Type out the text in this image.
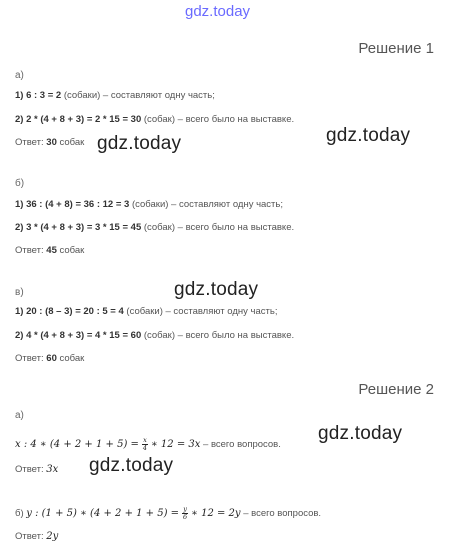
gdz.today
Решение 1
а)
1) 6 : 3 = 2 (собаки) – составляют одну часть;
2) 2 * (4 + 8 + 3) = 2 * 15 = 30 (собак) – всего было на выставке.
Ответ: 30 собак
б)
1) 36 : (4 + 8) = 36 : 12 = 3 (собаки) – составляют одну часть;
2) 3 * (4 + 8 + 3) = 3 * 15 = 45 (собак) – всего было на выставке.
Ответ: 45 собак
в)
1) 20 : (8 – 3) = 20 : 5 = 4 (собаки) – составляют одну часть;
2) 4 * (4 + 8 + 3) = 4 * 15 = 60 (собак) – всего было на выставке.
Ответ: 60 собак
Решение 2
а)
x : 4 ∗ $(4 + 2 + 1 + 5) = \frac{x}{4}$ ∗ 12 = 3x – всего вопросов.
Ответ: 3x
б) y : (1 + 5) ∗ $(4 + 2 + 1 + 5) = \frac{y}{6}$ ∗ 12 = 2y – всего вопросов.
Ответ: 2y
gdz.today	gdz.today
gdz.today
gdz.today
gdz.today
